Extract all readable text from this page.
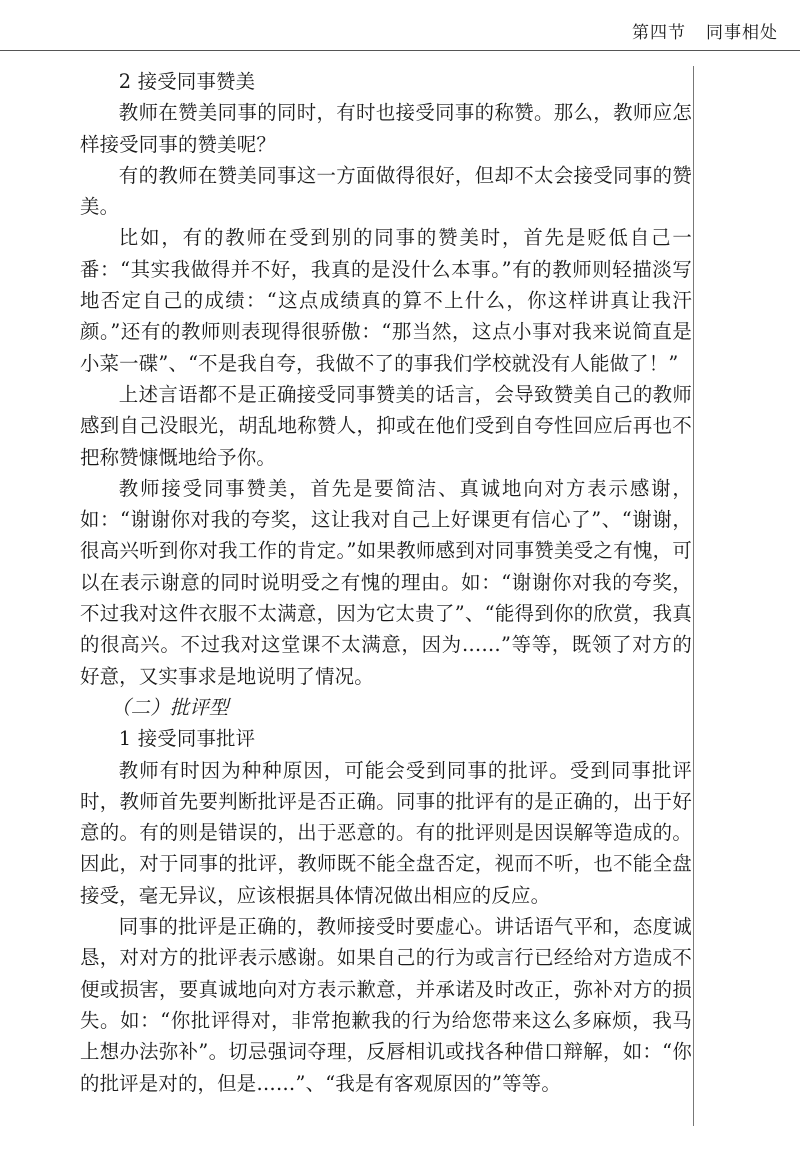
第四节 同事相处

2 接受同事赞美

教师在赞美同事的同时，有时也接受同事的称赞。那么，教师应怎样接受同事的赞美呢？

有的教师在赞美同事这一方面做得很好，但却不太会接受同事的赞美。

比如，有的教师在受到别的同事的赞美时，首先是贬低自己一番：“其实我做得并不好，我真的是没什么本事。”有的教师则轻描淡写地否定自己的成绩：“这点成绩真的算不上什么，你这样讲真让我汗颜。”还有的教师则表现得很骄傲：“那当然，这点小事对我来说简直是小菜一碟”、“不是我自夸，我做不了的事我们学校就没有人能做了！”

上述言语都不是正确接受同事赞美的话言，会导致赞美自己的教师感到自己没眼光，胡乱地称赞人，抑或在他们受到自夸性回应后再也不把称赞慷慨地给予你。

教师接受同事赞美，首先是要简洁、真诚地向对方表示感谢，如：“谢谢你对我的夸奖，这让我对自己上好课更有信心了”、“谢谢，很高兴听到你对我工作的肯定。”如果教师感到对同事赞美受之有愧，可以在表示谢意的同时说明受之有愧的理由。如：“谢谢你对我的夸奖，不过我对这件衣服不太满意，因为它太贵了”、“能得到你的欣赏，我真的很高兴。不过我对这堂课不太满意，因为……”等等，既领了对方的好意，又实事求是地说明了情况。

（二）批评型

1 接受同事批评

教师有时因为种种原因，可能会受到同事的批评。受到同事批评时，教师首先要判断批评是否正确。同事的批评有的是正确的，出于好意的。有的则是错误的，出于恶意的。有的批评则是因误解等造成的。因此，对于同事的批评，教师既不能全盘否定，视而不听，也不能全盘接受，毫无异议，应该根据具体情况做出相应的反应。

同事的批评是正确的，教师接受时要虚心。讲话语气平和，态度诚恳，对对方的批评表示感谢。如果自己的行为或言行已经给对方造成不便或损害，要真诚地向对方表示歉意，并承诺及时改正，弥补对方的损失。如：“你批评得对，非常抱歉我的行为给您带来这么多麻烦，我马上想办法弥补”。切忌强词夺理，反唇相讥或找各种借口辩解，如：“你的批评是对的，但是……”、“我是有客观原因的”等等。
